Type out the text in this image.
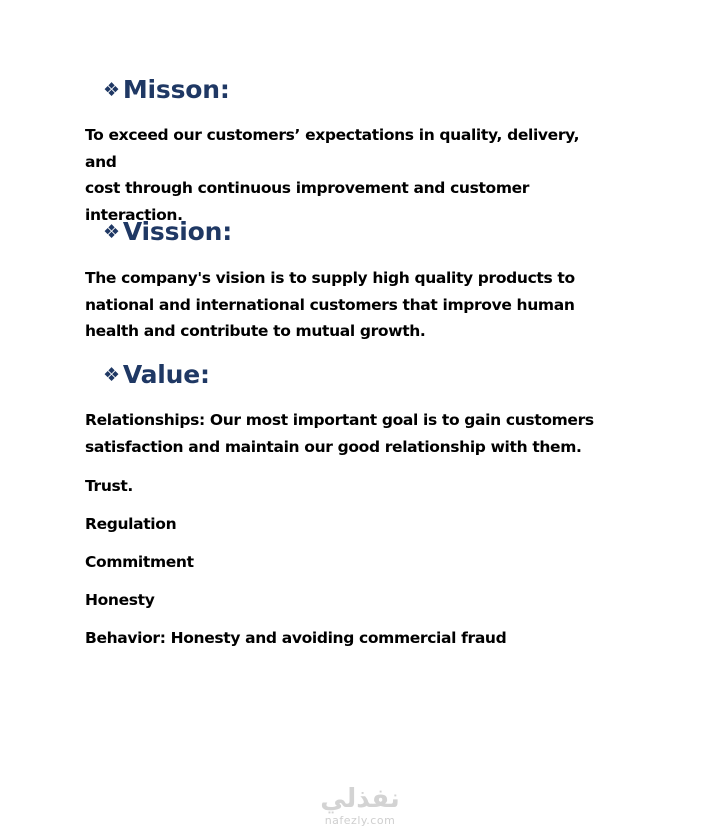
❖ Misson:
To exceed our customers’ expectations in quality, delivery, and
cost through continuous improvement and customer
interaction.
❖ Vission:
The company's vision is to supply high quality products to
national and international customers that improve human
health and contribute to mutual growth.
❖ Value:
Relationships: Our most important goal is to gain customers
satisfaction and maintain our good relationship with them.
Trust.
Regulation
Commitment
Honesty
Behavior: Honesty and avoiding commercial fraud
نفذلي
nafezly.com
